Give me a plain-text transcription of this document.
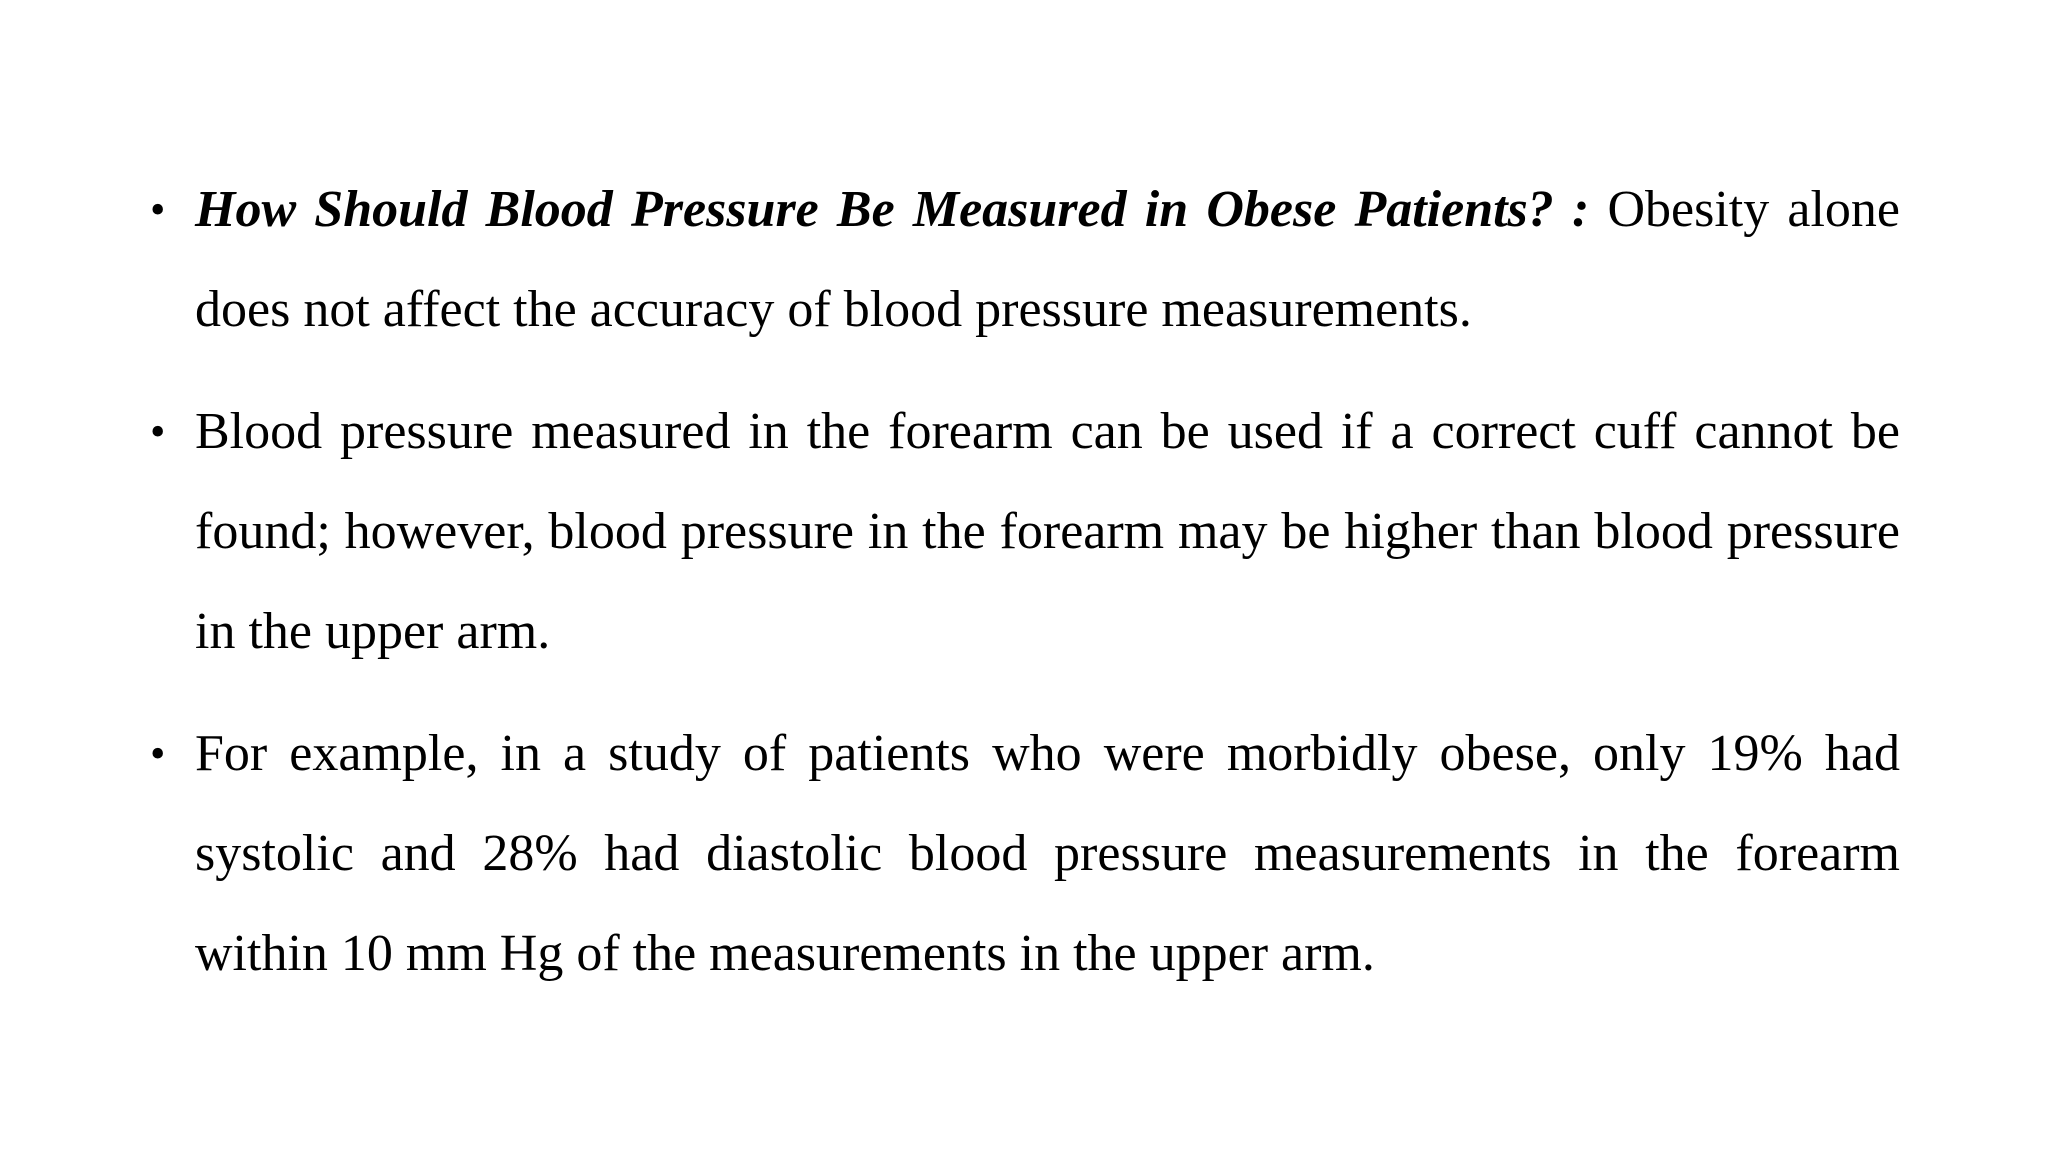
• How Should Blood Pressure Be Measured in Obese Patients? : Obesity alone does not affect the accuracy of blood pressure measurements.
• Blood pressure measured in the forearm can be used if a correct cuff cannot be found; however, blood pressure in the forearm may be higher than blood pressure in the upper arm.
• For example, in a study of patients who were morbidly obese, only 19% had systolic and 28% had diastolic blood pressure measurements in the forearm within 10 mm Hg of the measurements in the upper arm.
